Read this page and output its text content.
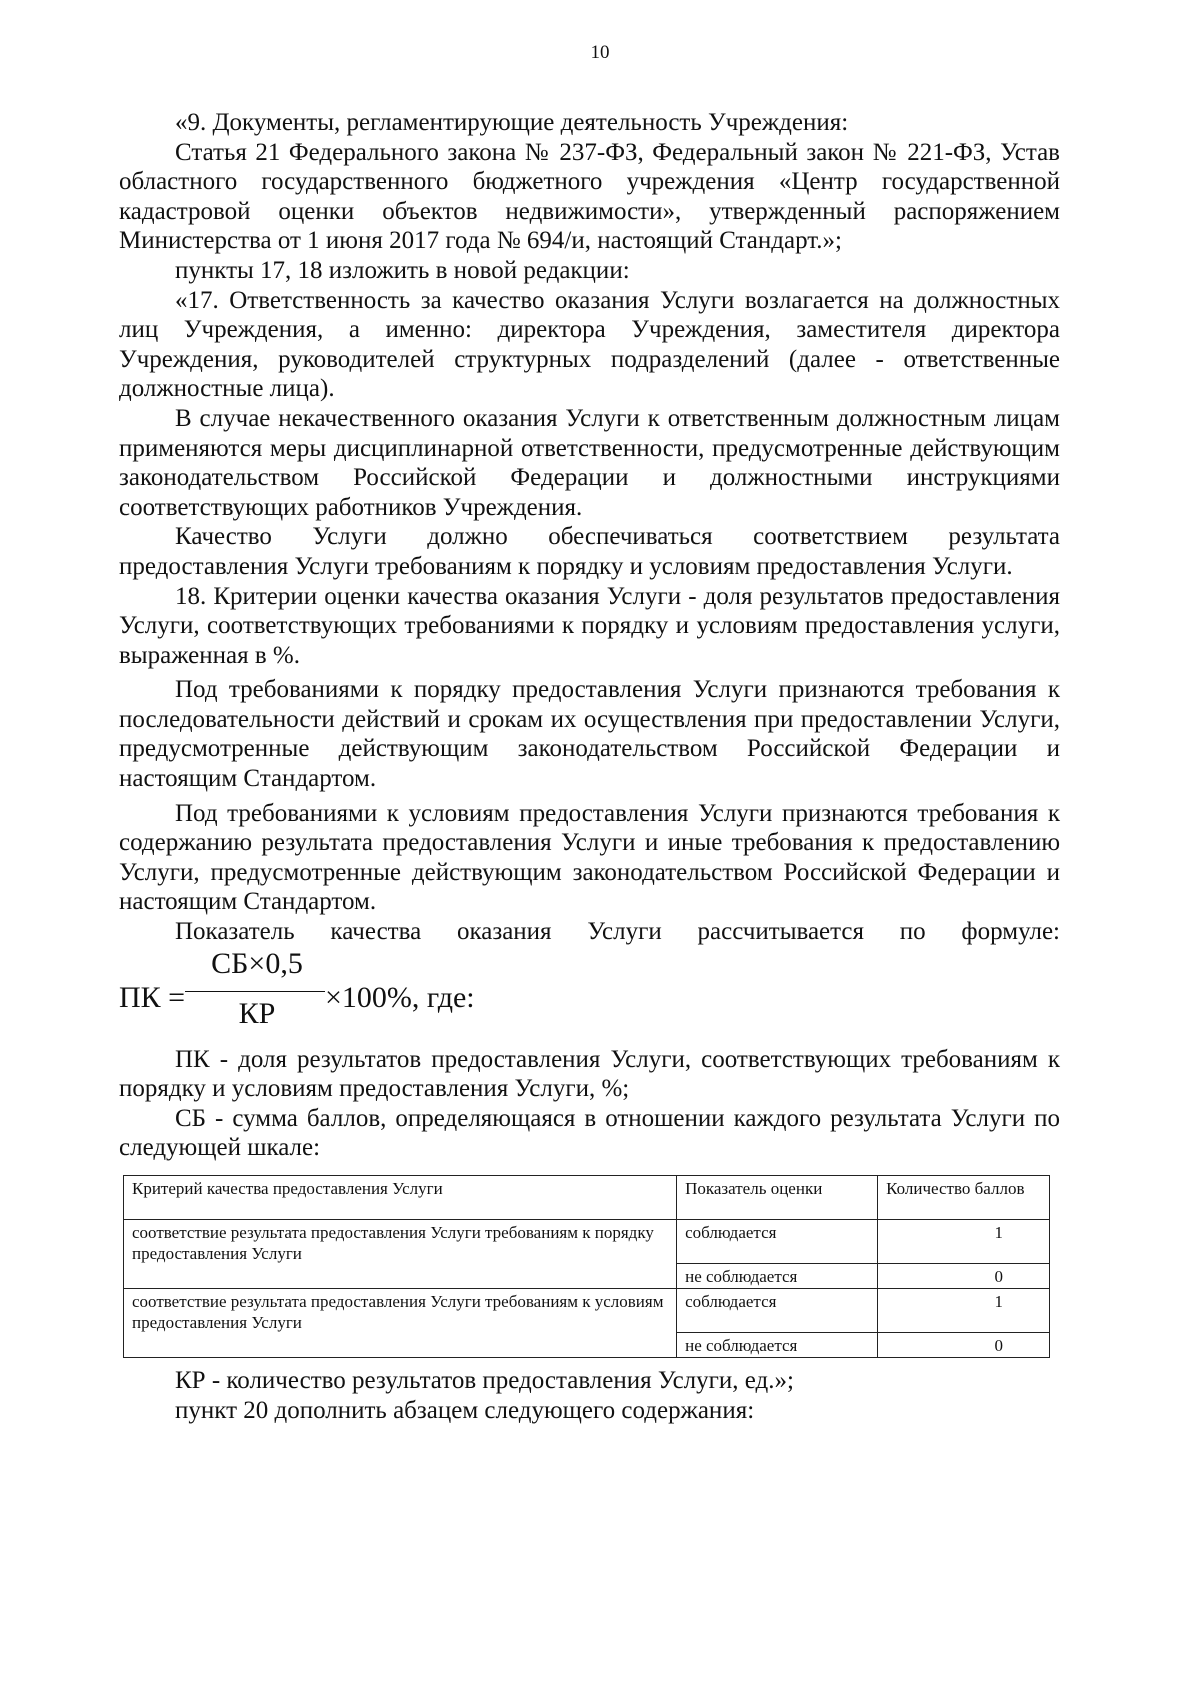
10

«9. Документы, регламентирующие деятельность Учреждения:

Статья 21 Федерального закона № 237-ФЗ, Федеральный закон № 221-ФЗ, Устав областного государственного бюджетного учреждения «Центр государственной кадастровой оценки объектов недвижимости», утвержденный распоряжением Министерства от 1 июня 2017 года № 694/и, настоящий Стандарт.»;

пункты 17, 18 изложить в новой редакции:

«17. Ответственность за качество оказания Услуги возлагается на должностных лиц Учреждения, а именно: директора Учреждения, заместителя директора Учреждения, руководителей структурных подразделений (далее - ответственные должностные лица).

В случае некачественного оказания Услуги к ответственным должностным лицам применяются меры дисциплинарной ответственности, предусмотренные действующим законодательством Российской Федерации и должностными инструкциями соответствующих работников Учреждения.

Качество Услуги должно обеспечиваться соответствием результата предоставления Услуги требованиям к порядку и условиям предоставления Услуги.

18. Критерии оценки качества оказания Услуги - доля результатов предоставления Услуги, соответствующих требованиями к порядку и условиям предоставления услуги, выраженная в %.

Под требованиями к порядку предоставления Услуги признаются требования к последовательности действий и срокам их осуществления при предоставлении Услуги, предусмотренные действующим законодательством Российской Федерации и настоящим Стандартом.

Под требованиями к условиям предоставления Услуги признаются требования к содержанию результата предоставления Услуги и иные требования к предоставлению Услуги, предусмотренные действующим законодательством Российской Федерации и настоящим Стандартом.

Показатель качества оказания Услуги рассчитывается по формуле:

ПК =
СБ×0,5
КР	×100%, где:

ПК - доля результатов предоставления Услуги, соответствующих требованиям к порядку и условиям предоставления Услуги, %;

СБ - сумма баллов, определяющаяся в отношении каждого результата Услуги по следующей шкале:

Критерий качества предоставления Услуги	Показатель оценки	Количество баллов
соответствие результата предоставления Услуги требованиям к порядку предоставления Услуги	соблюдается	1
	не соблюдается	0
соответствие результата предоставления Услуги требованиям к условиям предоставления Услуги	соблюдается	1
	не соблюдается	0

КР - количество результатов предоставления Услуги, ед.»;

пункт 20 дополнить абзацем следующего содержания:
